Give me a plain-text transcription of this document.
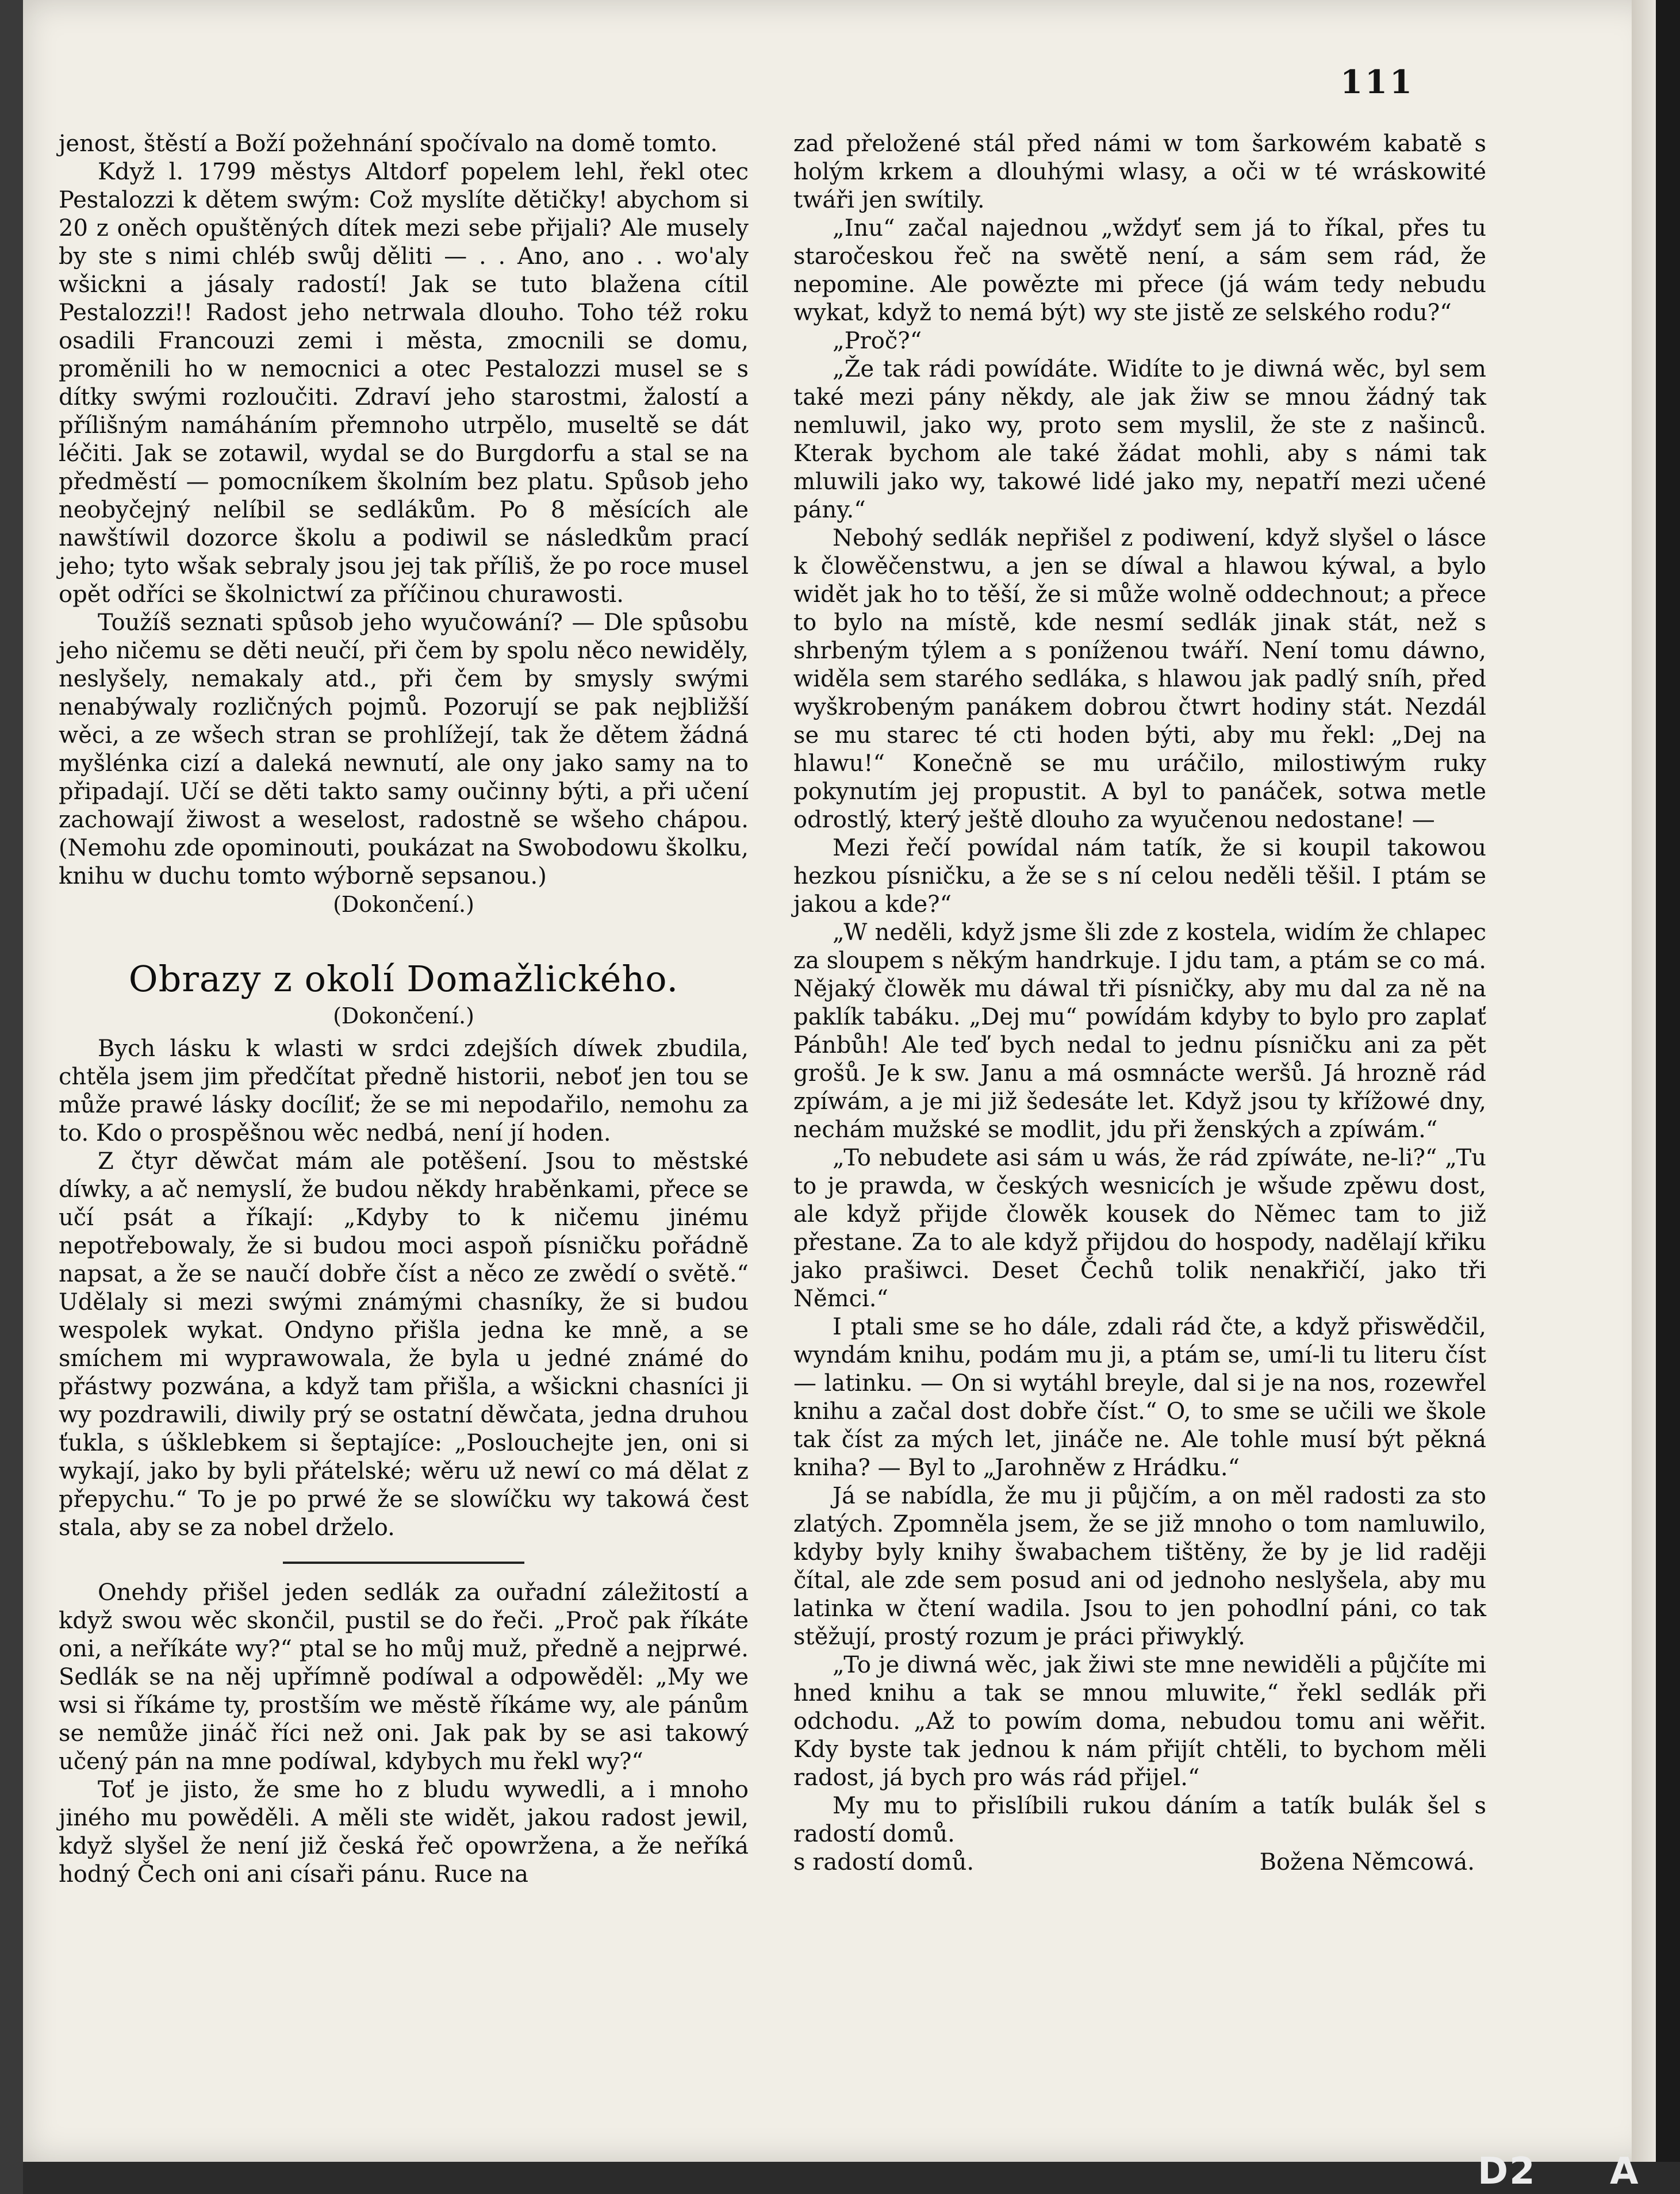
111

jenost, štěstí a Boží požehnání spočívalo na domě tomto.

Když l. 1799 městys Altdorf popelem lehl, řekl otec Pestalozzi k dětem swým: Což myslíte dětičky! abychom si 20 z oněch opuštěných dítek mezi sebe přijali? Ale musely by ste s nimi chléb swůj děliti — . . Ano, ano . . wo'aly wšickni a jásaly radostí! Jak se tuto blažena cítil Pestalozzi!! Radost jeho netrwala dlouho. Toho též roku osadili Francouzi zemi i města, zmocnili se domu, proměnili ho w nemocnici a otec Pestalozzi musel se s dítky swými rozloučiti. Zdraví jeho starostmi, žalostí a přílišným namáháním přemnoho utrpělo, museltě se dát léčiti. Jak se zotawil, wydal se do Burgdorfu a stal se na předměstí — pomocníkem školním bez platu. Spůsob jeho neobyčejný nelíbil se sedlákům. Po 8 měsících ale nawštíwil dozorce školu a podiwil se následkům prací jeho; tyto wšak sebraly jsou jej tak příliš, že po roce musel opět odříci se školnictwí za příčinou churawosti.

Toužíš seznati spůsob jeho wyučowání? — Dle spůsobu jeho ničemu se děti neučí, při čem by spolu něco newiděly, neslyšely, nemakaly atd., při čem by smysly swými nenabýwaly rozličných pojmů. Pozorují se pak nejbližší wěci, a ze wšech stran se prohlížejí, tak že dětem žádná myšlénka cizí a daleká newnutí, ale ony jako samy na to připadají. Učí se děti takto samy oučinny býti, a při učení zachowají žiwost a weselost, radostně se wšeho chápou. (Nemohu zde opominouti, poukázat na Swobodowu školku, knihu w duchu tomto wýborně sepsanou.)

(Dokončení.)

Obrazy z okolí Domažlického.
(Dokončení.)

Bych lásku k wlasti w srdci zdejších díwek zbudila, chtěla jsem jim předčítat předně historii, neboť jen tou se může prawé lásky docíliť; že se mi nepodařilo, nemohu za to. Kdo o prospěšnou wěc nedbá, není jí hoden.

Z čtyr děwčat mám ale potěšení. Jsou to městské díwky, a ač nemyslí, že budou někdy hraběnkami, přece se učí psát a říkají: „Kdyby to k ničemu jinému nepotřebowaly, že si budou moci aspoň písničku pořádně napsat, a že se naučí dobře číst a něco ze zwědí o světě.“ Udělaly si mezi swými známými chasníky, že si budou wespolek wykat. Ondyno přišla jedna ke mně, a se smíchem mi wyprawowala, že byla u jedné známé do přástwy pozwána, a když tam přišla, a wšickni chasníci ji wy pozdrawili, diwily prý se ostatní děwčata, jedna druhou ťukla, s úšklebkem si šeptajíce: „Poslouchejte jen, oni si wykají, jako by byli přátelské; wěru už newí co má dělat z přepychu.“ To je po prwé že se slowíčku wy takowá čest stala, aby se za nobel drželo.

Onehdy přišel jeden sedlák za ouřadní záležitostí a když swou wěc skončil, pustil se do řeči. „Proč pak říkáte oni, a neříkáte wy?“ ptal se ho můj muž, předně a nejprwé. Sedlák se na něj upřímně podíwal a odpowěděl: „My we wsi si říkáme ty, prostším we městě říkáme wy, ale pánům se nemůže jináč říci než oni. Jak pak by se asi takowý učený pán na mne podíwal, kdybych mu řekl wy?“

Toť je jisto, že sme ho z bludu wywedli, a i mnoho jiného mu powěděli. A měli ste widět, jakou radost jewil, když slyšel že není již česká řeč opowržena, a že neříká hodný Čech oni ani císaři pánu. Ruce na

zad přeložené stál před námi w tom šarkowém kabatě s holým krkem a dlouhými wlasy, a oči w té wráskowité twáři jen swítily.

„Inu“ začal najednou „wždyť sem já to říkal, přes tu staročeskou řeč na swětě není, a sám sem rád, že nepomine. Ale powězte mi přece (já wám tedy nebudu wykat, když to nemá být) wy ste jistě ze selského rodu?“

„Proč?“

„Že tak rádi powídáte. Widíte to je diwná wěc, byl sem také mezi pány někdy, ale jak žiw se mnou žádný tak nemluwil, jako wy, proto sem myslil, že ste z našinců. Kterak bychom ale také žádat mohli, aby s námi tak mluwili jako wy, takowé lidé jako my, nepatří mezi učené pány.“

Nebohý sedlák nepřišel z podiwení, když slyšel o lásce k člowěčenstwu, a jen se díwal a hlawou kýwal, a bylo widět jak ho to těší, že si může wolně oddechnout; a přece to bylo na místě, kde nesmí sedlák jinak stát, než s shrbeným týlem a s poníženou twáří. Není tomu dáwno, widěla sem starého sedláka, s hlawou jak padlý sníh, před wyškrobeným panákem dobrou čtwrt hodiny stát. Nezdál se mu starec té cti hoden býti, aby mu řekl: „Dej na hlawu!“ Konečně se mu uráčilo, milostiwým ruky pokynutím jej propustit. A byl to panáček, sotwa metle odrostlý, který ještě dlouho za wyučenou nedostane! —

Mezi řečí powídal nám tatík, že si koupil takowou hezkou písničku, a že se s ní celou neděli těšil. I ptám se jakou a kde?“

„W neděli, když jsme šli zde z kostela, widím že chlapec za sloupem s někým handrkuje. I jdu tam, a ptám se co má. Nějaký člowěk mu dáwal tři písničky, aby mu dal za ně na paklík tabáku. „Dej mu“ powídám kdyby to bylo pro zaplať Pánbůh! Ale teď bych nedal to jednu písničku ani za pět grošů. Je k sw. Janu a má osmnácte weršů. Já hrozně rád zpíwám, a je mi již šedesáte let. Když jsou ty křížowé dny, nechám mužské se modlit, jdu při ženských a zpíwám.“

„To nebudete asi sám u wás, že rád zpíwáte, ne-li?“ „Tu to je prawda, w českých wesnicích je wšude zpěwu dost, ale když přijde člowěk kousek do Němec tam to již přestane. Za to ale když přijdou do hospody, nadělají křiku jako prašiwci. Deset Čechů tolik nenakřičí, jako tři Němci.“

I ptali sme se ho dále, zdali rád čte, a když přiswědčil, wyndám knihu, podám mu ji, a ptám se, umí-li tu literu číst — latinku. — On si wytáhl breyle, dal si je na nos, rozewřel knihu a začal dost dobře číst.“ O, to sme se učili we škole tak číst za mých let, jináče ne. Ale tohle musí být pěkná kniha? — Byl to „Jarohněw z Hrádku.“

Já se nabídla, že mu ji půjčím, a on měl radosti za sto zlatých. Zpomněla jsem, že se již mnoho o tom namluwilo, kdyby byly knihy šwabachem tištěny, že by je lid raději čítal, ale zde sem posud ani od jednoho neslyšela, aby mu latinka w čtení wadila. Jsou to jen pohodlní páni, co tak stěžují, prostý rozum je práci přiwyklý.

„To je diwná wěc, jak žiwi ste mne newiděli a půjčíte mi hned knihu a tak se mnou mluwite,“ řekl sedlák při odchodu. „Až to powím doma, nebudou tomu ani wěřit. Kdy byste tak jednou k nám přijít chtěli, to bychom měli radost, já bych pro wás rád přijel.“

My mu to přislíbili rukou dáním a tatík bulák šel s radostí domů.

s radostí domů.	Božena Němcowá.

D2 A
